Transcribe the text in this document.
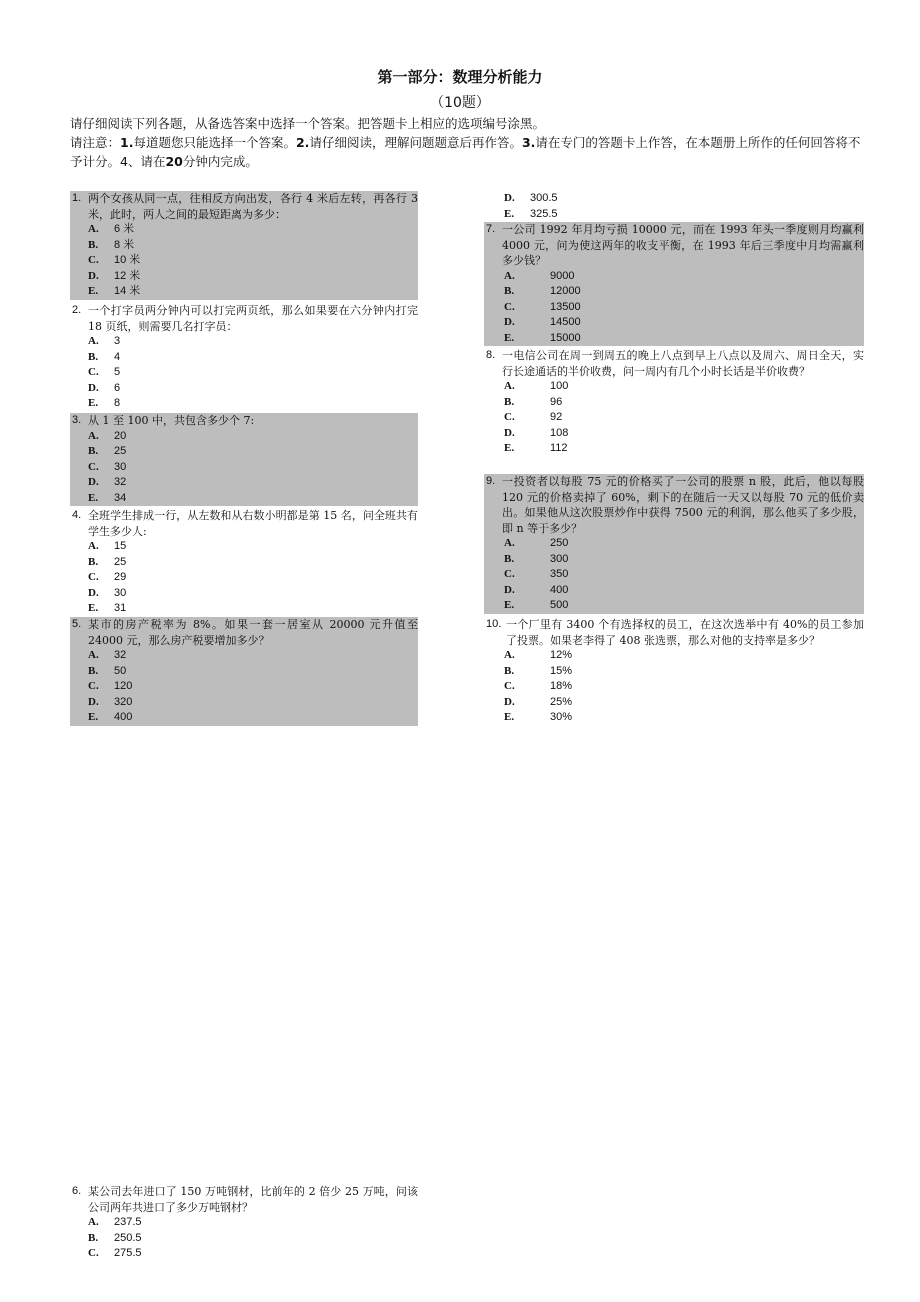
第一部分：数理分析能力
（10题）

请仔细阅读下列各题，从备选答案中选择一个答案。把答题卡上相应的选项编号涂黑。

请注意：1.每道题您只能选择一个答案。2.请仔细阅读，理解问题题意后再作答。3.请在专门的答题卡上作答，在本题册上所作的任何回答将不予计分。4、请在20分钟内完成。

1. 两个女孩从同一点，往相反方向出发，各行 4 米后左转，再各行 3 米，此时，两人之间的最短距离为多少：
A.	6 米
B.	8 米
C.	10 米
D.	12 米
E.	14 米
2. 一个打字员两分钟内可以打完两页纸，那么如果要在六分钟内打完 18 页纸，则需要几名打字员：
A.	3
B.	4
C.	5
D.	6
E.	8
3. 从 1 至 100 中，共包含多少个 7:
A.	20
B.	25
C.	30
D.	32
E.	34
4. 全班学生排成一行，从左数和从右数小明都是第 15 名，问全班共有学生多少人:
A.	15
B.	25
C.	29
D.	30
E.	31
5. 某市的房产税率为 8%。如果一套一居室从 20000 元升值至 24000 元，那么房产税要增加多少？
A.	32
B.	50
C.	120
D.	320
E.	400
6. 某公司去年进口了 150 万吨钢材，比前年的 2 倍少 25 万吨，问该公司两年共进口了多少万吨钢材？
A.	237.5
B.	250.5
C.	275.5
D.	300.5
E.	325.5
7. 一公司 1992 年月均亏损 10000 元，而在 1993 年头一季度则月均赢利 4000 元，问为使这两年的收支平衡，在 1993 年后三季度中月均需赢利多少钱？
A.	9000
B.	12000
C.	13500
D.	14500
E.	15000
8. 一电信公司在周一到周五的晚上八点到早上八点以及周六、周日全天，实行长途通话的半价收费，问一周内有几个小时长话是半价收费？
A.	100
B.	96
C.	92
D.	108
E.	112
9. 一投资者以每股 75 元的价格买了一公司的股票 n 股，此后，他以每股 120 元的价格卖掉了 60%，剩下的在随后一天又以每股 70 元的低价卖出。如果他从这次股票炒作中获得 7500 元的利润，那么他买了多少股，即 n 等于多少？
A.	250
B.	300
C.	350
D.	400
E.	500
10. 一个厂里有 3400 个有选择权的员工，在这次选举中有 40%的员工参加了投票。如果老李得了 408 张选票，那么对他的支持率是多少？
A.	12%
B.	15%
C.	18%
D.	25%
E.	30%
